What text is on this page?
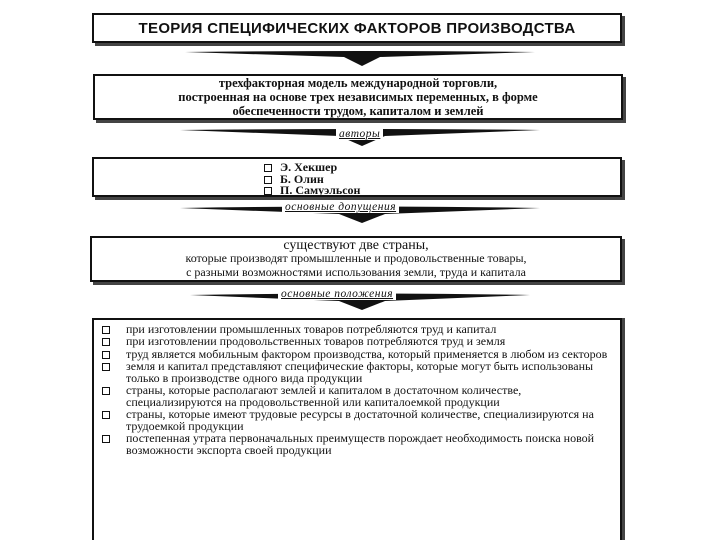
ТЕОРИЯ СПЕЦИФИЧЕСКИХ ФАКТОРОВ ПРОИЗВОДСТВА
трехфакторная модель международной торговли,
построенная на основе трех независимых переменных, в форме
обеспеченности трудом, капиталом и землей
авторы
Э. Хекшер
Б. Олин
П. Самуэльсон
основные допущения
существуют две страны,
которые производят промышленные и продовольственные товары,
с разными возможностями использования земли, труда и капитала
основные положения
при изготовлении промышленных товаров потребляются труд и капитал
при изготовлении продовольственных товаров потребляются труд и земля
труд является мобильным фактором производства, который применяется в любом из секторов
земля и капитал представляют специфические факторы, которые могут быть использованы только в производстве одного вида продукции
страны, которые располагают землей и капиталом в достаточном количестве, специализируются на продовольственной или капиталоемкой продукции
страны, которые имеют трудовые ресурсы в достаточной количестве, специализируются на трудоемкой продукции
постепенная утрата первоначальных преимуществ порождает необходимость поиска новой возможности экспорта своей продукции
